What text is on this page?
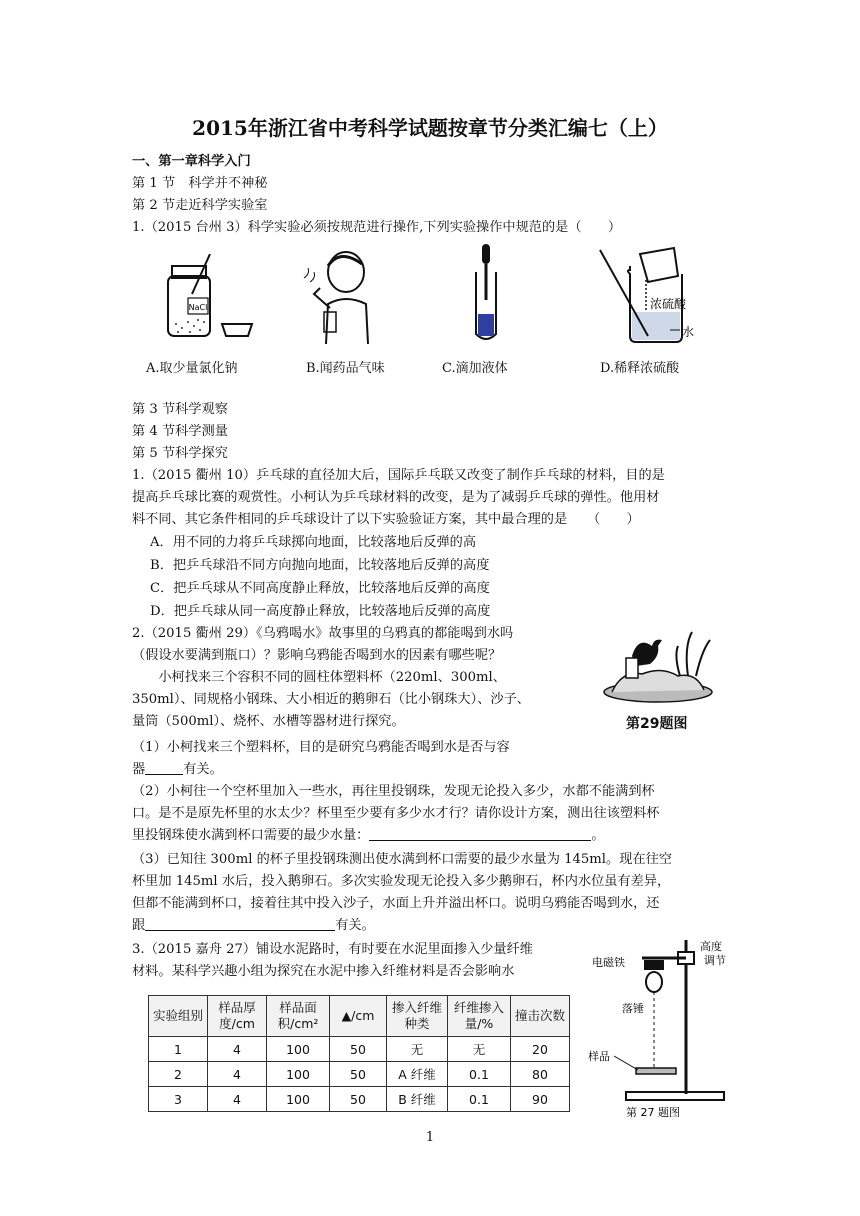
2015年浙江省中考科学试题按章节分类汇编七（上）
一、第一章科学入门
第 1 节　科学并不神秘
第 2 节走近科学实验室
1.（2015 台州 3）科学实验必须按规范进行操作,下列实验操作中规范的是（　　）
NaCl	浓硫酸
水
A.取少量氯化钠	B.闻药品气味	C.滴加液体	D.稀释浓硫酸
第 3 节科学观察
第 4 节科学测量
第 5 节科学探究
1.（2015 衢州 10）乒乓球的直径加大后，国际乒乓联又改变了制作乒乓球的材料，目的是
提高乒乓球比赛的观赏性。小柯认为乒乓球材料的改变，是为了减弱乒乓球的弹性。他用材
料不同、其它条件相同的乒乓球设计了以下实验验证方案，其中最合理的是　　（　　）
A．用不同的力将乒乓球掷向地面，比较落地后反弹的高
B．把乒乓球沿不同方向抛向地面，比较落地后反弹的高度
C．把乒乓球从不同高度静止释放，比较落地后反弹的高度
D．把乒乓球从同一高度静止释放，比较落地后反弹的高度
2.（2015 衢州 29）《乌鸦喝水》故事里的乌鸦真的都能喝到水吗
（假设水要满到瓶口）？影响乌鸦能否喝到水的因素有哪些呢？
　　小柯找来三个容积不同的圆柱体塑料杯（220ml、300ml、
350ml）、同规格小钢珠、大小相近的鹅卵石（比小钢珠大）、沙子、
量筒（500ml）、烧杯、水槽等器材进行探究。
（1）小柯找来三个塑料杯，目的是研究乌鸦能否喝到水是否与容
器	有关。
第29题图
（2）小柯往一个空杯里加入一些水，再往里投钢珠，发现无论投入多少，水都不能满到杯
口。是不是原先杯里的水太少？杯里至少要有多少水才行？请你设计方案，测出往该塑料杯
里投钢珠使水满到杯口需要的最少水量：	。
（3）已知往 300ml 的杯子里投钢珠测出使水满到杯口需要的最少水量为 145ml。现在往空
杯里加 145ml 水后，投入鹅卵石。多次实验发现无论投入多少鹅卵石，杯内水位虽有差异，
但都不能满到杯口，接着往其中投入沙子，水面上升并溢出杯口。说明乌鸦能否喝到水，还
跟	有关。
3.（2015 嘉舟 27）铺设水泥路时，有时要在水泥里面掺入少量纤维
材料。某科学兴趣小组为探究在水泥中掺入纤维材料是否会影响水
实验组别	样品厚度/cm	样品面积/cm²	▲/cm	掺入纤维种类	纤维掺入量/%	撞击次数
1	4	100	50	无	无	20
2	4	100	50	A 纤维	0.1	80
3	4	100	50	B 纤维	0.1	90
电磁铁
高度
调节
落锤
样品
第 27 题图
1
